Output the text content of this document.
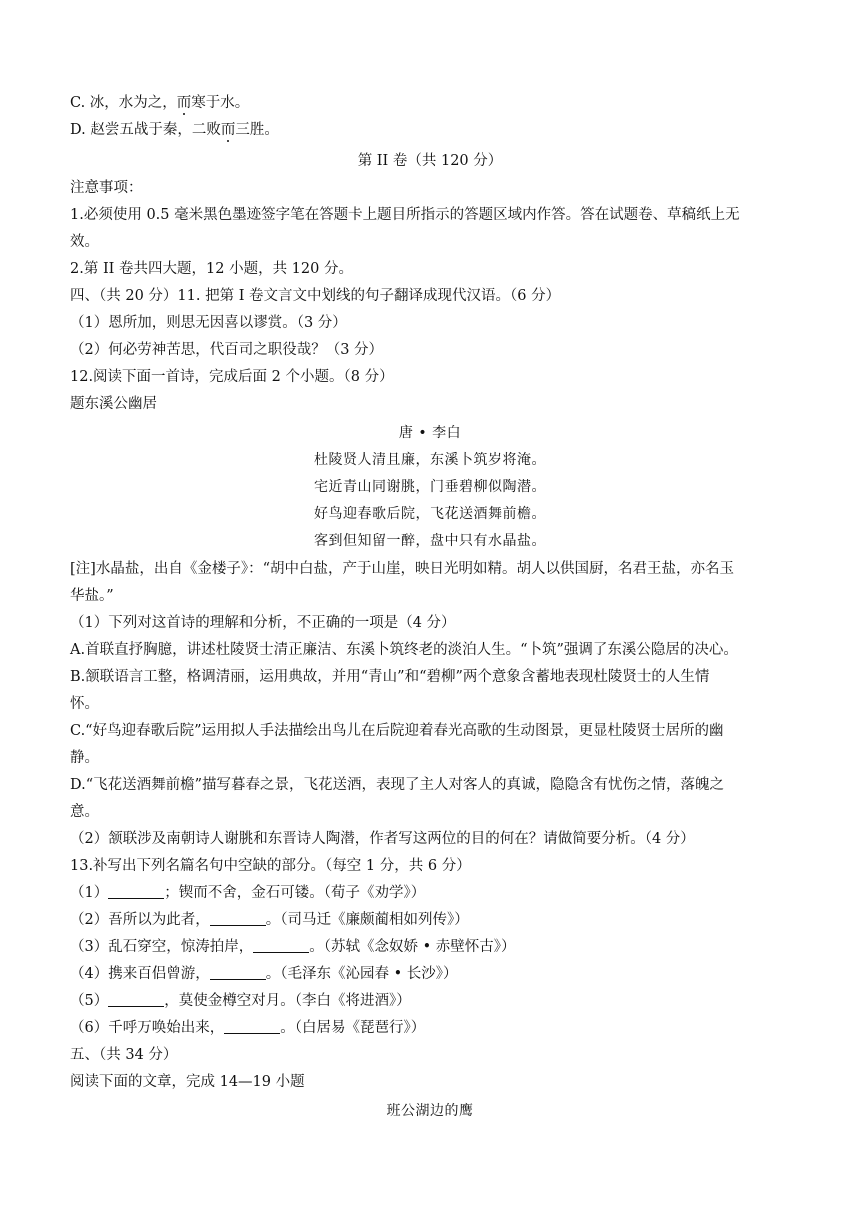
C. 冰，水为之，而寒于水。
D. 赵尝五战于秦，二败而三胜。
第 II 卷（共 120 分）
注意事项：
1.必须使用 0.5 毫米黑色墨迹签字笔在答题卡上题目所指示的答题区域内作答。答在试题卷、草稿纸上无
效。
2.第 II 卷共四大题，12 小题，共 120 分。
四、（共 20 分）11. 把第 I 卷文言文中划线的句子翻译成现代汉语。（6 分）
（1）恩所加，则思无因喜以谬赏。（3 分）
（2）何必劳神苦思，代百司之职役哉？（3 分）
12.阅读下面一首诗，完成后面 2 个小题。（8 分）
题东溪公幽居
唐 • 李白
杜陵贤人清且廉，东溪卜筑岁将淹。
宅近青山同谢朓，门垂碧柳似陶潜。
好鸟迎春歌后院，飞花送酒舞前檐。
客到但知留一醉，盘中只有水晶盐。
[注]水晶盐，出自《金楼子》：“胡中白盐，产于山崖，映日光明如精。胡人以供国厨，名君王盐，亦名玉
华盐。”
（1）下列对这首诗的理解和分析，不正确的一项是（4 分）
A.首联直抒胸臆，讲述杜陵贤士清正廉洁、东溪卜筑终老的淡泊人生。“卜筑”强调了东溪公隐居的决心。
B.颔联语言工整，格调清丽，运用典故，并用“青山”和“碧柳”两个意象含蓄地表现杜陵贤士的人生情
怀。
C.“好鸟迎春歌后院”运用拟人手法描绘出鸟儿在后院迎着春光高歌的生动图景，更显杜陵贤士居所的幽
静。
D.“飞花送酒舞前檐”描写暮春之景，飞花送酒，表现了主人对客人的真诚，隐隐含有忧伤之情，落魄之
意。
（2）颔联涉及南朝诗人谢朓和东晋诗人陶潜，作者写这两位的目的何在？请做简要分析。（4 分）
13.补写出下列名篇名句中空缺的部分。（每空 1 分，共 6 分）
（1）	；锲而不舍，金石可镂。（荀子《劝学》）
（2）吾所以为此者，	。（司马迁《廉颇蔺相如列传》）
（3）乱石穿空，惊涛拍岸，	。（苏轼《念奴娇 • 赤壁怀古》）
（4）携来百侣曾游，	。（毛泽东《沁园春 • 长沙》）
（5）	，莫使金樽空对月。（李白《将进酒》）
（6）千呼万唤始出来，	。（白居易《琵琶行》）
五、（共 34 分）
阅读下面的文章，完成 14—19 小题
班公湖边的鹰
